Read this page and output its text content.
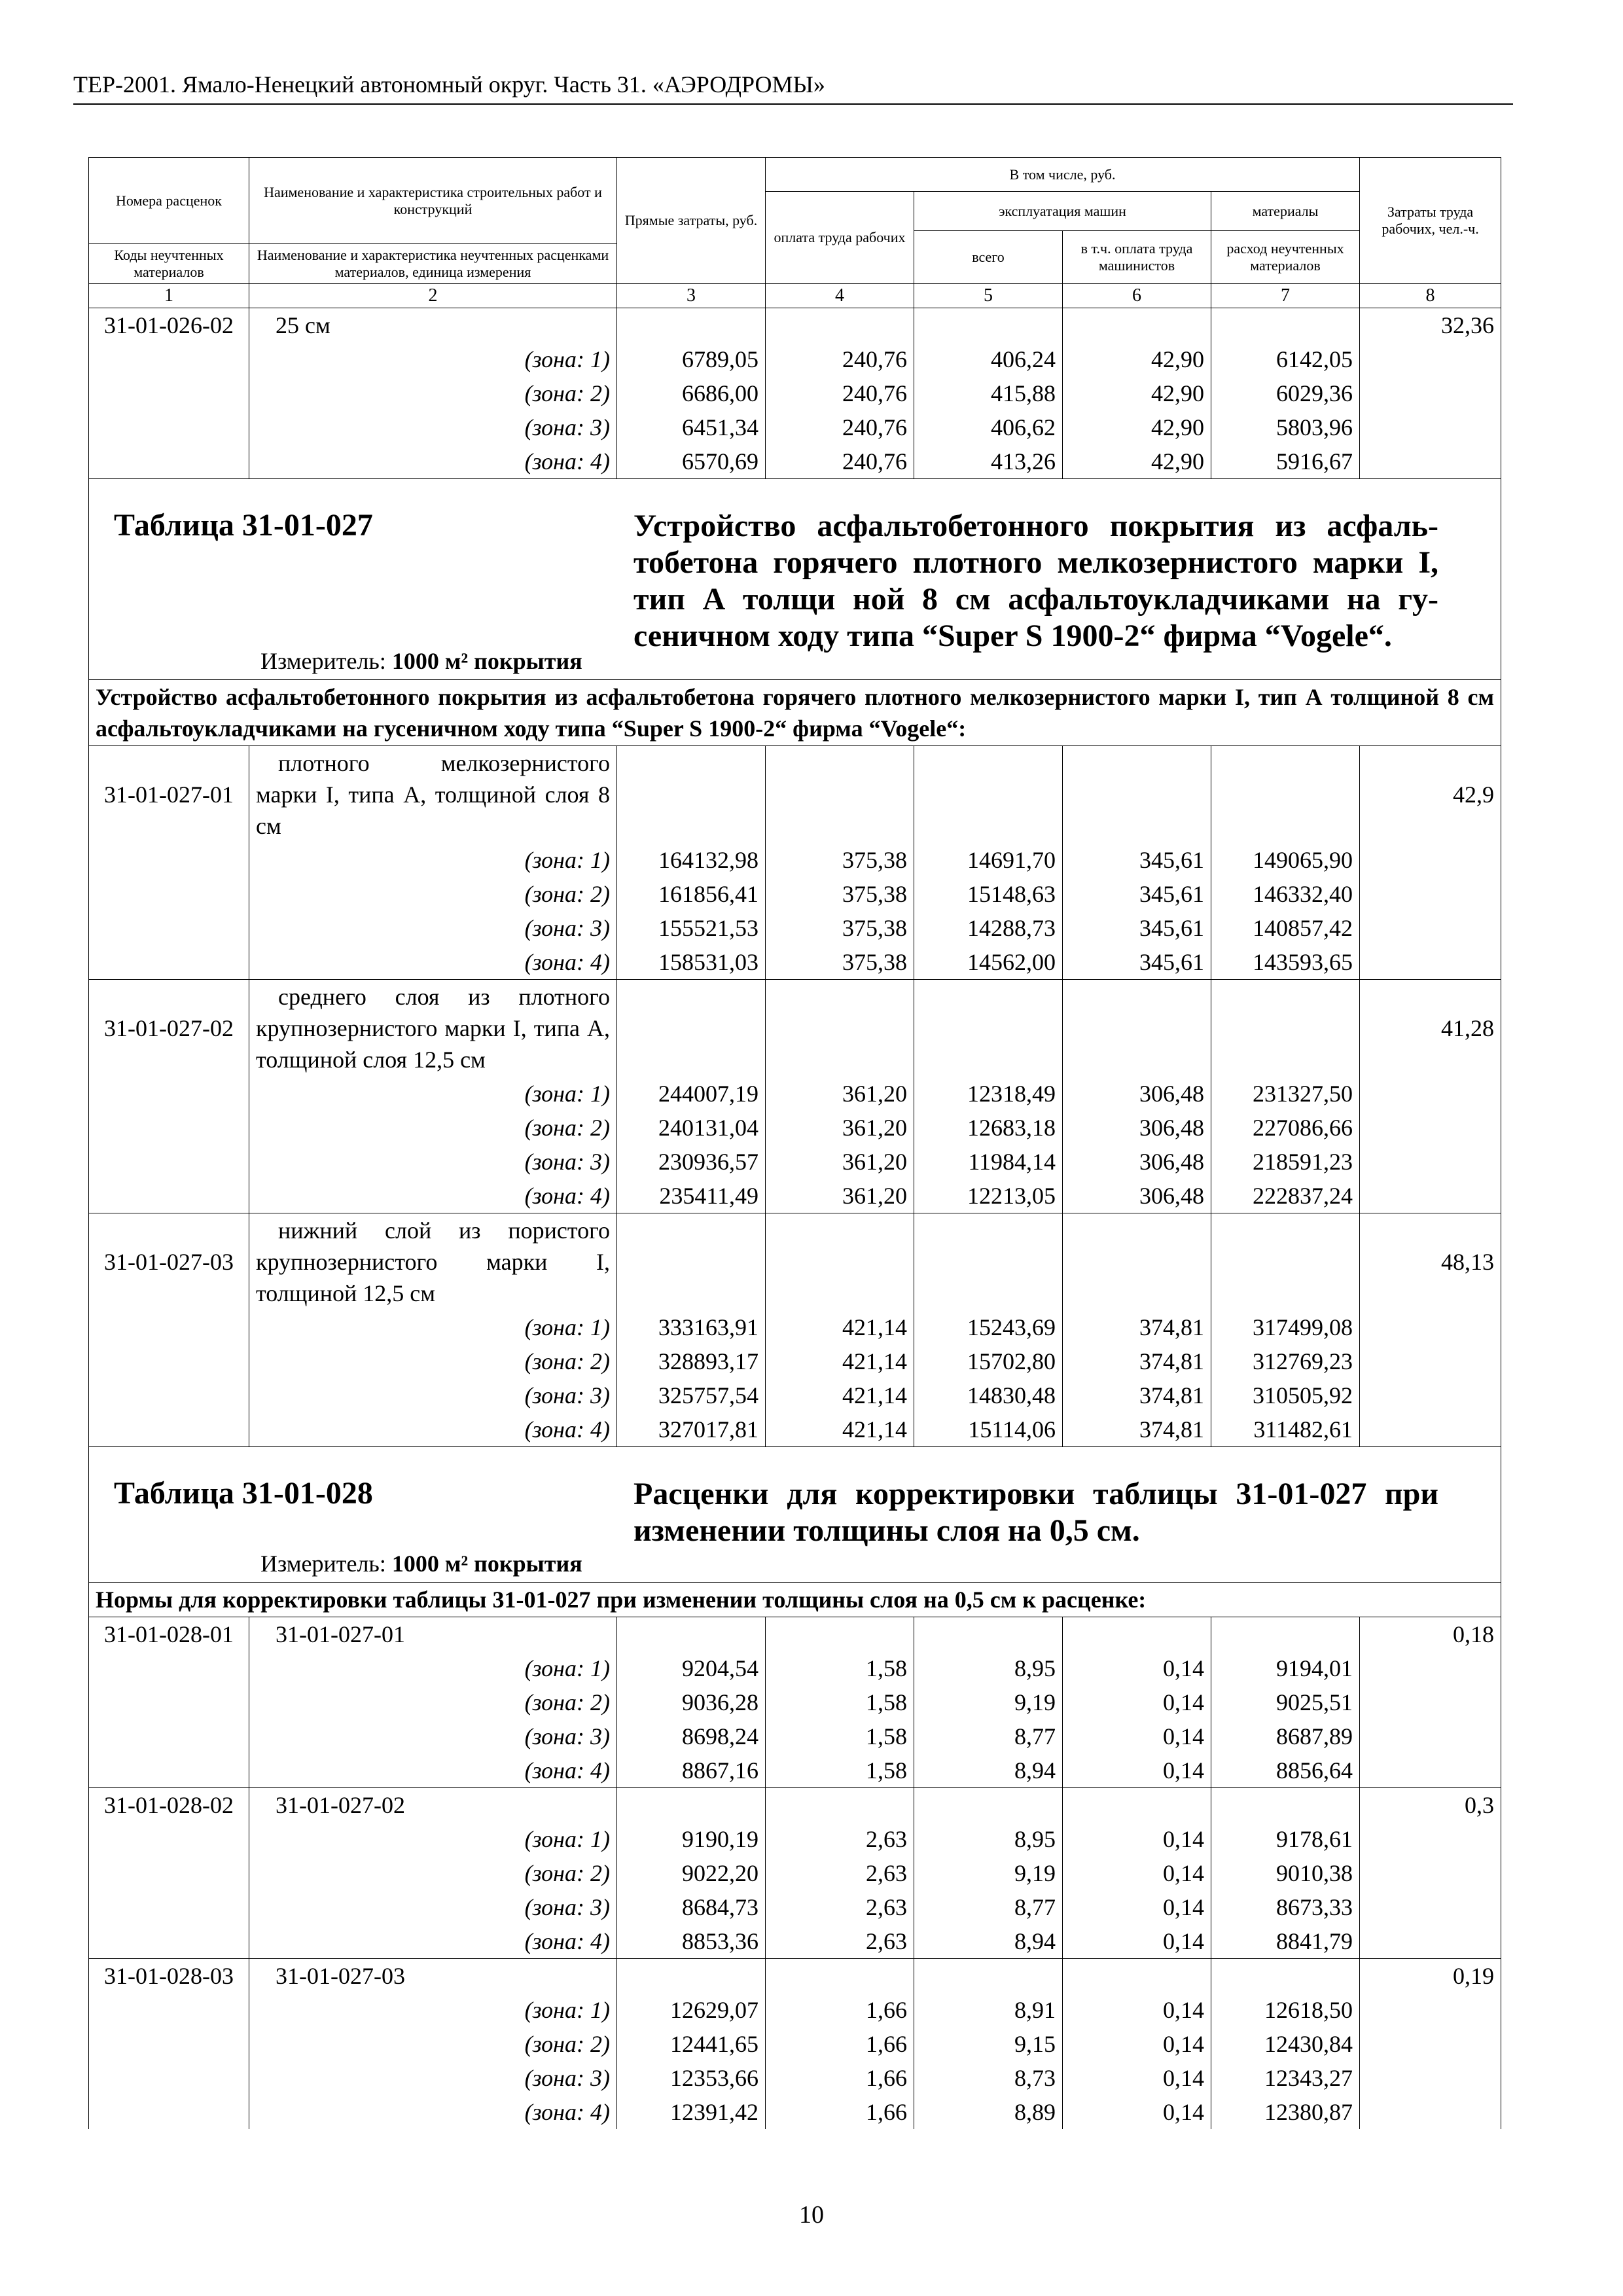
ТЕР-2001. Ямало-Ненецкий автономный округ. Часть 31. «АЭРОДРОМЫ»
Номера расценок	Наименование и характеристика строительных работ и конструкций	Прямые затраты, руб.	В том числе, руб.				Затраты труда рабочих, чел.-ч.
			оплата труда рабочих	эксплуатация машин		материалы	
				всего	в т.ч. оплата труда машинистов	расход неучтенных материалов	
Коды неучтенных материалов	Наименование и характеристика неучтенных расценками материалов, единица измерения						

1	2	3	4	5	6	7	8
31-01-026-02	25 см						32,36
	(зона: 1)	6789,05	240,76	406,24	42,90	6142,05	
	(зона: 2)	6686,00	240,76	415,88	42,90	6029,36	
	(зона: 3)	6451,34	240,76	406,62	42,90	5803,96	
	(зона: 4)	6570,69	240,76	413,26	42,90	5916,67	

Таблица 31-01-027 Устройство асфальтобетонного покрытия из асфаль-тобетона горячего плотного мелкозернистого марки I, тип А толщи ной 8 см асфальтоукладчиками на гу-сеничном ходу типа “Super S 1900-2“ фирма “Vogele“.
Измеритель: 1000 м² покрытия							

Устройство асфальтобетонного покрытия из асфальтобетона горячего плотного мелкозернистого марки I, тип А толщиной 8 см асфальтоукладчиками на гусеничном ходу типа “Super S 1900-2“ фирма “Vogele“:							
31-01-027-01	плотного мелкозернистого марки I, типа А, толщиной слоя 8 см						42,9
	(зона: 1)	164132,98	375,38	14691,70	345,61	149065,90	
	(зона: 2)	161856,41	375,38	15148,63	345,61	146332,40	
	(зона: 3)	155521,53	375,38	14288,73	345,61	140857,42	
	(зона: 4)	158531,03	375,38	14562,00	345,61	143593,65	
31-01-027-02	среднего слоя из плотного крупнозернистого марки I, типа А, толщиной слоя 12,5 см						41,28
	(зона: 1)	244007,19	361,20	12318,49	306,48	231327,50	
	(зона: 2)	240131,04	361,20	12683,18	306,48	227086,66	
	(зона: 3)	230936,57	361,20	11984,14	306,48	218591,23	
	(зона: 4)	235411,49	361,20	12213,05	306,48	222837,24	
31-01-027-03	нижний слой из пористого крупнозернистого марки I, толщиной 12,5 см						48,13
	(зона: 1)	333163,91	421,14	15243,69	374,81	317499,08	
	(зона: 2)	328893,17	421,14	15702,80	374,81	312769,23	
	(зона: 3)	325757,54	421,14	14830,48	374,81	310505,92	
	(зона: 4)	327017,81	421,14	15114,06	374,81	311482,61	

Таблица 31-01-028 Расценки для корректировки таблицы 31-01-027 при изменении толщины слоя на 0,5 см.
Измеритель: 1000 м² покрытия							

Нормы для корректировки таблицы 31-01-027 при изменении толщины слоя на 0,5 см к расценке:							
31-01-028-01	31-01-027-01						0,18
	(зона: 1)	9204,54	1,58	8,95	0,14	9194,01	
	(зона: 2)	9036,28	1,58	9,19	0,14	9025,51	
	(зона: 3)	8698,24	1,58	8,77	0,14	8687,89	
	(зона: 4)	8867,16	1,58	8,94	0,14	8856,64	
31-01-028-02	31-01-027-02						0,3
	(зона: 1)	9190,19	2,63	8,95	0,14	9178,61	
	(зона: 2)	9022,20	2,63	9,19	0,14	9010,38	
	(зона: 3)	8684,73	2,63	8,77	0,14	8673,33	
	(зона: 4)	8853,36	2,63	8,94	0,14	8841,79	
31-01-028-03	31-01-027-03						0,19
	(зона: 1)	12629,07	1,66	8,91	0,14	12618,50	
	(зона: 2)	12441,65	1,66	9,15	0,14	12430,84	
	(зона: 3)	12353,66	1,66	8,73	0,14	12343,27	
	(зона: 4)	12391,42	1,66	8,89	0,14	12380,87	
10
